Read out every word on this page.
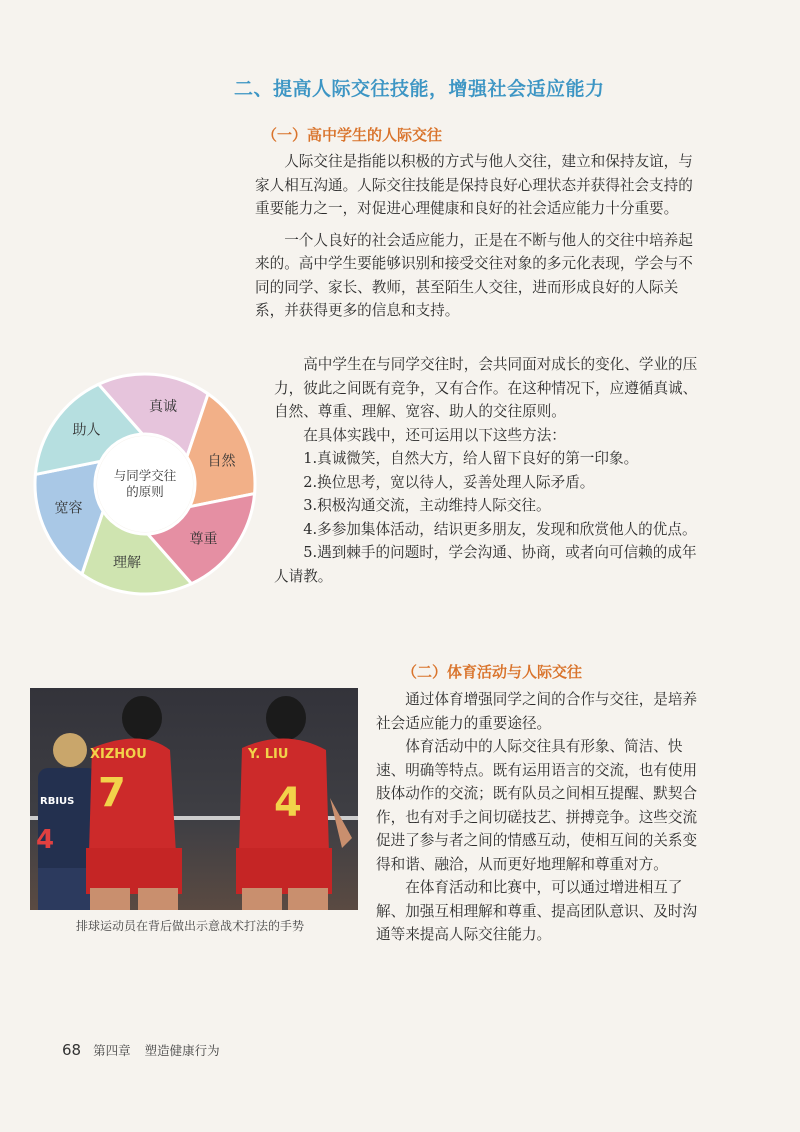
二、提高人际交往技能，增强社会适应能力
（一）高中学生的人际交往

人际交往是指能以积极的方式与他人交往，建立和保持友谊，与家人相互沟通。人际交往技能是保持良好心理状态并获得社会支持的重要能力之一，对促进心理健康和良好的社会适应能力十分重要。

一个人良好的社会适应能力，正是在不断与他人的交往中培养起来的。高中学生要能够识别和接受交往对象的多元化表现，学会与不同的同学、家长、教师，甚至陌生人交往，进而形成良好的人际关系，并获得更多的信息和支持。

高中学生在与同学交往时，会共同面对成长的变化、学业的压力，彼此之间既有竞争，又有合作。在这种情况下，应遵循真诚、自然、尊重、理解、宽容、助人的交往原则。

在具体实践中，还可运用以下这些方法：

1.真诚微笑，自然大方，给人留下良好的第一印象。

2.换位思考，宽以待人，妥善处理人际矛盾。

3.积极沟通交流，主动维持人际交往。

4.多参加集体活动，结识更多朋友，发现和欣赏他人的优点。

5.遇到棘手的问题时，学会沟通、协商，或者向可信赖的成年人请教。

与同学交往
的原则
真诚
自然
尊重
理解
宽容
助人
（二）体育活动与人际交往

通过体育增强同学之间的合作与交往，是培养社会适应能力的重要途径。

体育活动中的人际交往具有形象、简洁、快速、明确等特点。既有运用语言的交流，也有使用肢体动作的交流；既有队员之间相互提醒、默契合作，也有对手之间切磋技艺、拼搏竞争。这些交流促进了参与者之间的情感互动，使相互间的关系变得和谐、融洽，从而更好地理解和尊重对方。

在体育活动和比赛中，可以通过增进相互了解、加强互相理解和尊重、提高团队意识、及时沟通等来提高人际交往能力。

RBIUS
4
XIZHOU
7
Y. LIU
4
排球运动员在背后做出示意战术打法的手势
68 第四章 塑造健康行为
